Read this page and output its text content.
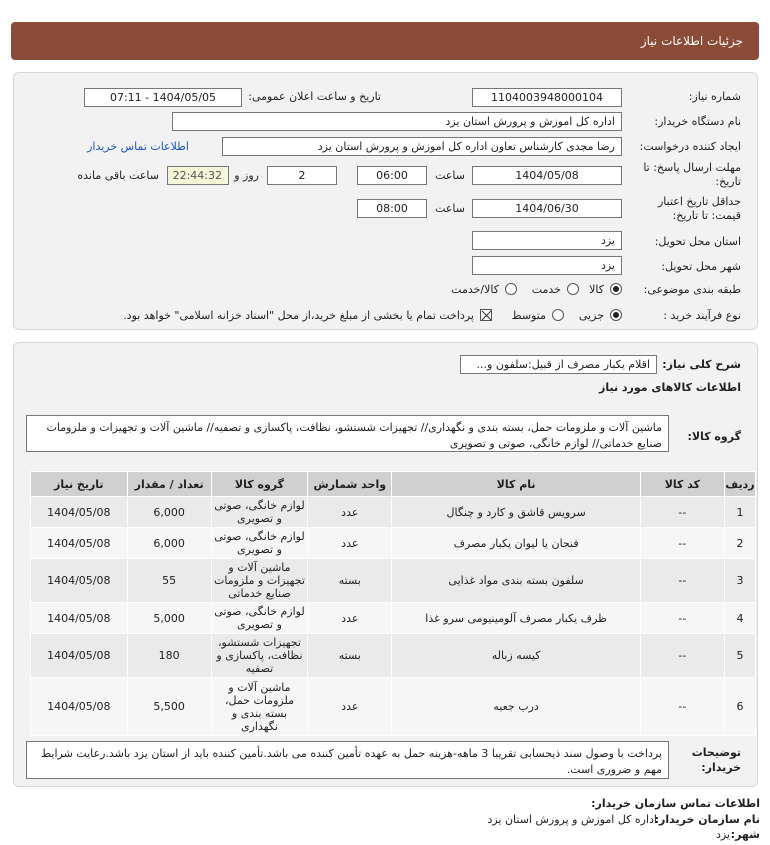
جزئیات اطلاعات نیاز
شماره نیاز:
1104003948000104
تاریخ و ساعت اعلان عمومی:
1404/05/05 - 07:11
نام دستگاه خریدار:
اداره کل اموزش و پرورش استان یزد
ایجاد کننده درخواست:
رضا مجدی کارشناس تعاون اداره کل اموزش و پرورش استان یزد
اطلاعات تماس خریدار
مهلت ارسال پاسخ: تا تاریخ:
1404/05/08
ساعت
06:00
2
روز و
22:44:32
ساعت باقی مانده
حداقل تاریخ اعتبار قیمت: تا تاریخ:
1404/06/30
ساعت
08:00
استان محل تحویل:
یزد
شهر محل تحویل:
یزد
طبقه بندی موضوعی:
کالا
خدمت
کالا/خدمت
نوع فرآیند خرید :
جزیی
متوسط
پرداخت تمام یا بخشی از مبلغ خرید،از محل "اسناد خزانه اسلامی" خواهد بود.
شرح کلی نیاز:
اقلام یکبار مصرف از قبیل:سلفون و...
اطلاعات کالاهای مورد نیاز
گروه کالا:
ماشین آلات و ملزومات حمل، بسته بندی و نگهداری// تجهیزات شستشو، نظافت، پاکسازی و تصفیه// ماشین آلات و تجهیزات و ملزومات صنایع خدماتی// لوازم خانگی، صوتی و تصویری
ردیف	کد کالا	نام کالا	واحد شمارش	گروه کالا	تعداد / مقدار	تاریخ نیاز
1	--	سرویس قاشق و کارد و چنگال	عدد	لوازم خانگی، صوتی و تصویری	6,000	1404/05/08
2	--	فنجان یا لیوان یکبار مصرف	عدد	لوازم خانگی، صوتی و تصویری	6,000	1404/05/08
3	--	سلفون بسته بندی مواد غذایی	بسته	ماشین آلات و تجهیزات و ملزومات صنایع خدماتی	55	1404/05/08
4	--	ظرف یکبار مصرف آلومینیومی سرو غذا	عدد	لوازم خانگی، صوتی و تصویری	5,000	1404/05/08
5	--	کیسه زباله	بسته	تجهیزات شستشو، نظافت، پاکسازی و تصفیه	180	1404/05/08
6	--	درب جعبه	عدد	ماشین آلات و ملزومات حمل، بسته بندی و نگهداری	5,500	1404/05/08
توضیحات خریدار:
پرداخت با وصول سند ذیحسابی تقریبا 3 ماهه-هزینه حمل به عهده تأمین کننده می باشد.تأمین کننده باید از استان یزد باشد.رعایت شرایط مهم و ضروری است.
اطلاعات تماس سازمان خریدار:
نام سازمان خریدار:
اداره کل اموزش و پرورش استان یزد
شهر:
یزد
